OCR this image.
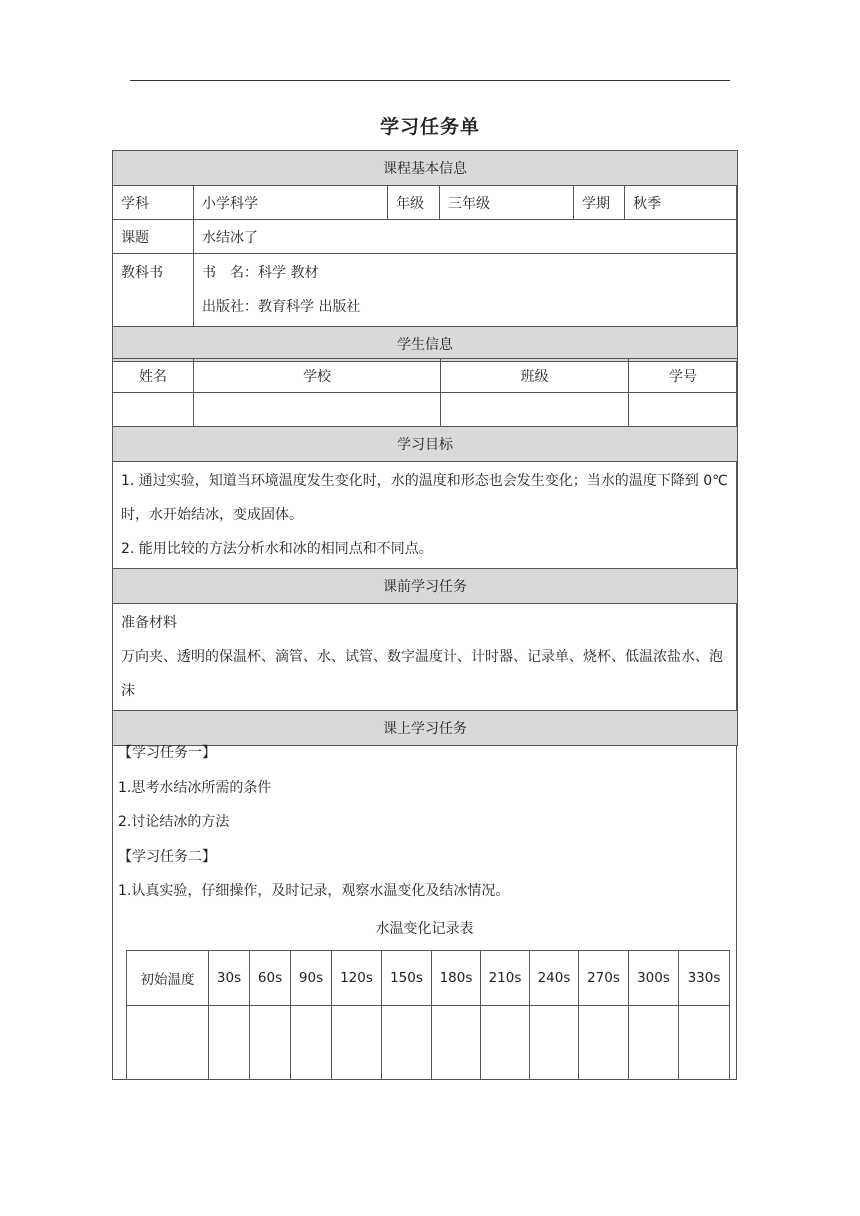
学习任务单
课程基本信息					
学科	小学科学	年级	三年级	学期	秋季
课题	水结冰了				
教科书	书　名：科学 教材
出版社：教育科学 出版社				

学生信息					
姓名	学校	班级	学号

学习目标			

1. 通过实验，知道当环境温度发生变化时，水的温度和形态也会发生变化；当水的温度下降到 0℃时，水开始结冰，变成固体。
2. 能用比较的方法分析水和冰的相同点和不同点。			

课前学习任务			

准备材料
万向夹、透明的保温杯、滴管、水、试管、数字温度计、计时器、记录单、烧杯、低温浓盐水、泡沫			

课上学习任务			
【学习任务一】
1.思考水结冰所需的条件
2.讨论结冰的方法
【学习任务二】
1.认真实验，仔细操作，及时记录，观察水温变化及结冰情况。
水温变化记录表
初始温度	30s	60s	90s	120s	150s	180s	210s	240s	270s	300s	330s
